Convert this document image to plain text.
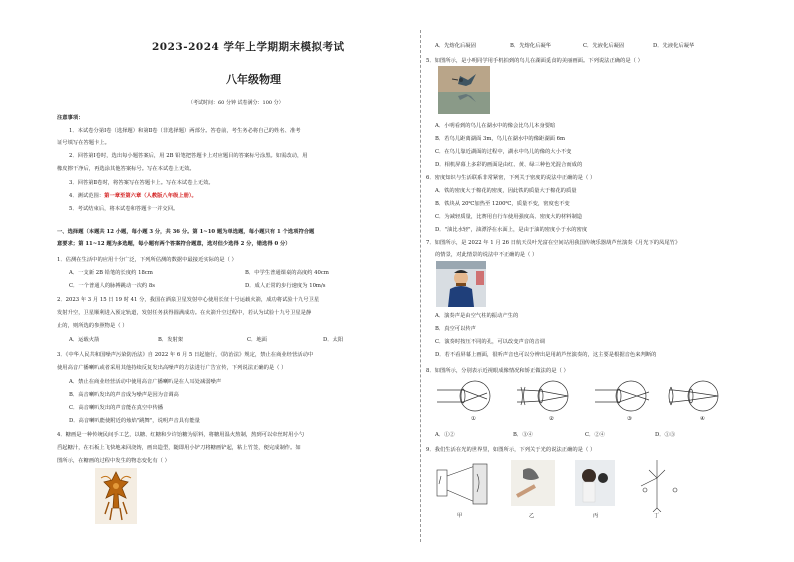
2023-2024 学年上学期期末模拟考试
八年级物理
（考试时间：60 分钟 试卷满分：100 分）
注意事项：
1．本试卷分第Ⅰ卷（选择题）和第Ⅱ卷（非选择题）两部分。答卷前，考生务必将自己的姓名、准考
证号填写在答题卡上。
2．回答第Ⅰ卷时，选出每小题答案后，用 2B 铅笔把答题卡上对应题目的答案标号涂黑。如需改动，用
橡皮擦干净后，再选涂其他答案标号。写在本试卷上无效。
3．回答第Ⅱ卷时，将答案写在答题卡上。写在本试卷上无效。
4．测试范围：第一章至第六章（人教版八年级上册）。
5．考试结束后，将本试卷和答题卡一并交回。
一、选择题（本题共 12 小题，每小题 3 分，共 36 分。第 1~10 题为单选题，每小题只有 1 个选项符合题
意要求；第 11~12 题为多选题，每小题有两个答案符合题意，选对但少选得 2 分，错选得 0 分）
1．估测在生活中的应用十分广泛，下列所估测的数据中最接近实际的是（ ）
A．一支新 2B 铅笔的长度约 18cm	B．中学生普通课桌的高度约 40cm
C．一个普通人的脉搏跳动一次约 8s	D．成人正常的步行速度为 10m/s
2．2023 年 3 月 15 日 19 时 41 分，我国在酒泉卫星发射中心使用长征十号运载火箭，成功将试验十九号卫星
发射升空，卫星顺利进入预定轨道，发射任务获得圆满成功。在火箭升空过程中，若认为试验十九号卫星是静
止的，则所选的参照物是（ ）
A．运载火箭	B．发射架	C．地面	D．太阳
3．《中华人民共和国噪声污染防治法》自 2022 年 6 月 5 日起施行，《防治法》规定，禁止在商业经营活动中
使用高音广播喇叭或者采用其他持续反复发出高噪声的方法进行广告宣传，下列说法正确的是（ ）
A．禁止在商业经营活动中使用高音广播喇叭是在人耳处减弱噪声
B．高音喇叭发出的声音成为噪声是因为音调高
C．高音喇叭发出的声音能在真空中传播
D．高音喇叭能使附近的烛焰"跳舞"，说明声音具有能量
4．糖画是一种传统民间手工艺，以糖、红糖和少许饴糖为原料，将糖用温火熬制，熬到可以牵丝时用小勺
舀起糖汁，在石板上飞快地来回浇铸，画出造型，随即用小铲刀将糖画铲起，粘上竹签，便完成制作。如
图所示，在糖画的过程中发生的物态变化有（ ）
A．先熔化后凝固	B．先熔化后凝华	C．先液化后凝固	D．先液化后凝华
5．如图所示，是小明同学用手机拍到的鸟儿在湖面觅食的美丽画面。下列说法正确的是（ ）
A．小明看到的鸟儿在湖水中的像会比鸟儿本身要暗
B．若鸟儿距离湖面 3m，鸟儿在湖水中的像距湖面 6m
C．在鸟儿靠近湖面的过程中，湖水中鸟儿的像的大小不变
D．相机屏幕上多彩的画面是由红、黄、绿三种色光混合而成的
6．密度知识与生活联系非常紧密，下列关于密度的说法中正确的是（ ）
A．铁的密度大于棉花的密度，因此铁的质量大于棉花的质量
B．铁块从 20℃加热至 1200℃，质量不变，密度也不变
C．为减轻质量，比赛用自行车使用强度高、密度大的材料制造
D．"油比水轻"，油漂浮在水面上，是由于油的密度小于水的密度
7．如图所示，是 2022 年 1 月 26 日航天员叶光富在空间站用我国传统乐器葫芦丝演奏《月光下的凤尾竹》
的情景，对此情景的说法中不正确的是（ ）
A．演奏声是由空气柱的振动产生的
B．真空可以传声
C．演奏时按压不同的孔，可以改变声音的音调
D．若不看屏幕上画面，很听声音也可以分辨出是用葫芦丝演奏的，这主要是根据音色来判断的
8．如图所示，分别表示近视眼成像情况和矫正做法的是（ ）
①	②	③	④
A．①②	B．③④	C．②④	D．①③
9．我们生活在光的世界里，如图所示，下列关于光的说法正确的是（ ）
甲	乙	丙	丁
